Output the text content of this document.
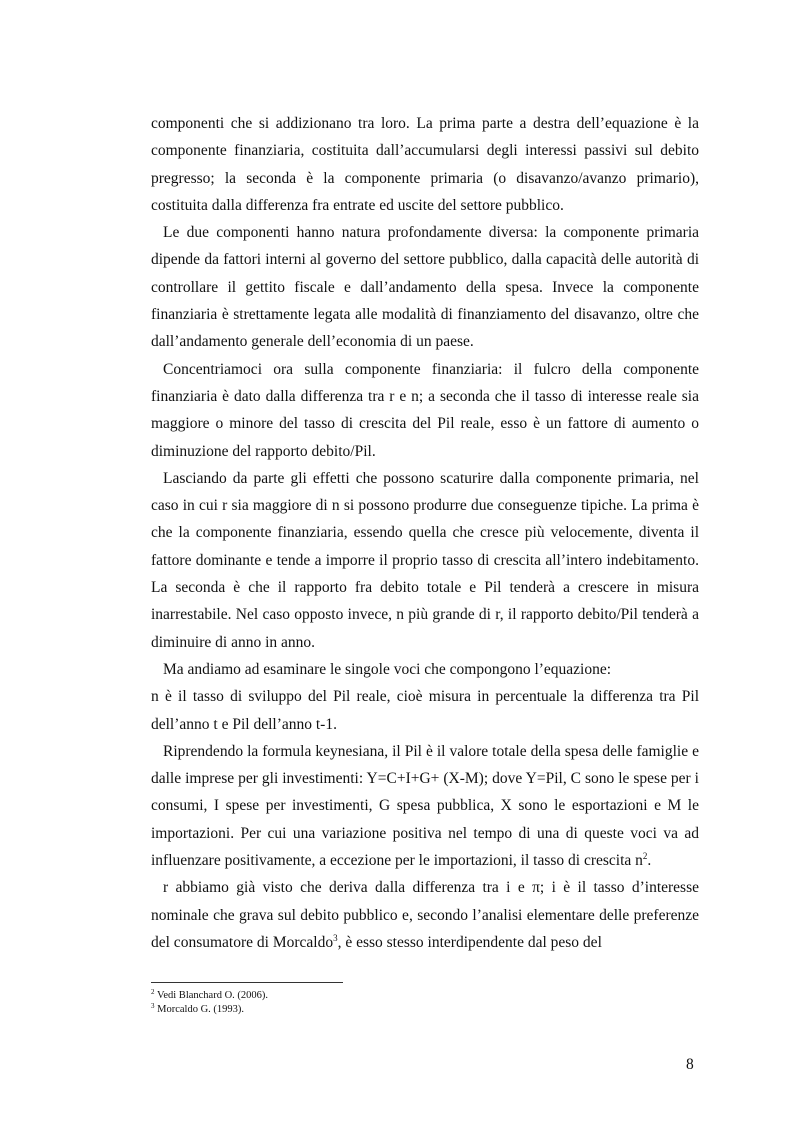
componenti che si addizionano tra loro. La prima parte a destra dell’equazione è la componente finanziaria, costituita dall’accumularsi degli interessi passivi sul debito pregresso; la seconda è la componente primaria (o disavanzo/avanzo primario), costituita dalla differenza fra entrate ed uscite del settore pubblico.

Le due componenti hanno natura profondamente diversa: la componente primaria dipende da fattori interni al governo del settore pubblico, dalla capacità delle autorità di controllare il gettito fiscale e dall’andamento della spesa. Invece la componente finanziaria è strettamente legata alle modalità di finanziamento del disavanzo, oltre che dall’andamento generale dell’economia di un paese.

Concentriamoci ora sulla componente finanziaria: il fulcro della componente finanziaria è dato dalla differenza tra r e n; a seconda che il tasso di interesse reale sia maggiore o minore del tasso di crescita del Pil reale, esso è un fattore di aumento o diminuzione del rapporto debito/Pil.

Lasciando da parte gli effetti che possono scaturire dalla componente primaria, nel caso in cui r sia maggiore di n si possono produrre due conseguenze tipiche. La prima è che la componente finanziaria, essendo quella che cresce più velocemente, diventa il fattore dominante e tende a imporre il proprio tasso di crescita all’intero indebitamento. La seconda è che il rapporto fra debito totale e Pil tenderà a crescere in misura inarrestabile. Nel caso opposto invece, n più grande di r, il rapporto debito/Pil tenderà a diminuire di anno in anno.

Ma andiamo ad esaminare le singole voci che compongono l’equazione:

n è il tasso di sviluppo del Pil reale, cioè misura in percentuale la differenza tra Pil dell’anno t e Pil dell’anno t-1.

Riprendendo la formula keynesiana, il Pil è il valore totale della spesa delle famiglie e dalle imprese per gli investimenti: Y=C+I+G+ (X-M); dove Y=Pil, C sono le spese per i consumi, I spese per investimenti, G spesa pubblica, X sono le esportazioni e M le importazioni. Per cui una variazione positiva nel tempo di una di queste voci va ad influenzare positivamente, a eccezione per le importazioni, il tasso di crescita $n^2$.

r abbiamo già visto che deriva dalla differenza tra i e π; i è il tasso d’interesse nominale che grava sul debito pubblico e, secondo l’analisi elementare delle preferenze del consumatore di Morcaldo$^3$, è esso stesso interdipendente dal peso del

$^2$ Vedi Blanchard O. (2006).
$^3$ Morcaldo G. (1993).
8
